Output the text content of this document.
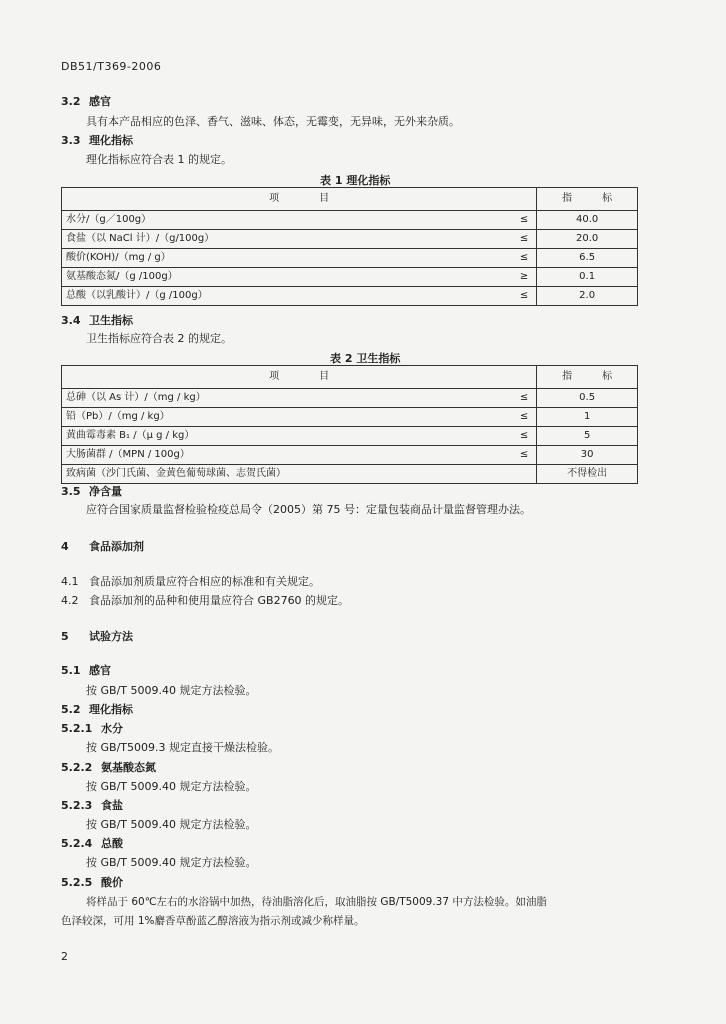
DB51/T369-2006
3.2 感官
具有本产品相应的色泽、香气、滋味、体态，无霉变，无异味，无外来杂质。
3.3 理化指标
理化指标应符合表 1 的规定。
表 1 理化指标
项　　　　目		指　　　标
水分/（g／100g）	≤	40.0
食盐（以 NaCl 计）/（g/100g）	≤	20.0
酸价(KOH)/（mg / g）	≤	6.5
氨基酸态氮/（g /100g）	≥	0.1
总酸（以乳酸计）/（g /100g）	≤	2.0
3.4 卫生指标
卫生指标应符合表 2 的规定。
表 2 卫生指标
项　　　　目		指　　　标
总砷（以 As 计）/（mg / kg）	≤	0.5
铅（Pb）/（mg / kg）	≤	1
黄曲霉毒素 B₁ /（μ g / kg）	≤	5
大肠菌群 /（MPN / 100g）	≤	30
致病菌（沙门氏菌、金黄色葡萄球菌、志贺氏菌）		不得检出
3.5 净含量
应符合国家质量监督检验检疫总局令（2005）第 75 号：定量包装商品计量监督管理办法。
4 食品添加剂
4.1 食品添加剂质量应符合相应的标准和有关规定。
4.2 食品添加剂的品种和使用量应符合 GB2760 的规定。
5 试验方法
5.1 感官
按 GB/T 5009.40 规定方法检验。
5.2 理化指标
5.2.1 水分
按 GB/T5009.3 规定直接干燥法检验。
5.2.2 氨基酸态氮
按 GB/T 5009.40 规定方法检验。
5.2.3 食盐
按 GB/T 5009.40 规定方法检验。
5.2.4 总酸
按 GB/T 5009.40 规定方法检验。
5.2.5 酸价
将样品于 60℃左右的水浴锅中加热，待油脂溶化后，取油脂按 GB/T5009.37 中方法检验。如油脂
色泽较深，可用 1%麝香草酚蓝乙醇溶液为指示剂或减少称样量。
2
